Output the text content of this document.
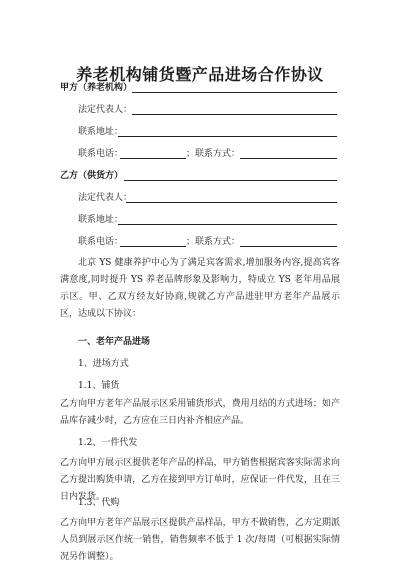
养老机构铺货暨产品进场合作协议
甲方（养老机构）
法定代表人：
联系地址：
联系电话：	；联系方式：
乙方（供货方）
法定代表人：
联系地址：
联系电话：	；联系方式：
北京 YS 健康养护中心为了满足宾客需求,增加服务内容,提高宾客满意度,同时提升 YS 养老品牌形象及影响力，特成立 YS 老年用品展示区。甲、乙双方经友好协商,规就乙方产品进驻甲方老年产品展示区，达成以下协议：
一、老年产品进场
1、进场方式
1.1、铺货
乙方向甲方老年产品展示区采用铺货形式，费用月结的方式进场；如产品库存减少时，乙方应在三日内补齐相应产品。
1.2、一件代发
乙方向甲方展示区提供老年产品的样品，甲方销售根据宾客实际需求向乙方提出购货申请，乙方在接到甲方订单时，应保证一件代发，且在三日内发货。
1.3、代购
乙方向甲方老年产品展示区提供产品样品，甲方不做销售，乙方定期派人员到展示区作统一销售，销售频率不低于 1 次/每周（可根据实际情况另作调整）。
